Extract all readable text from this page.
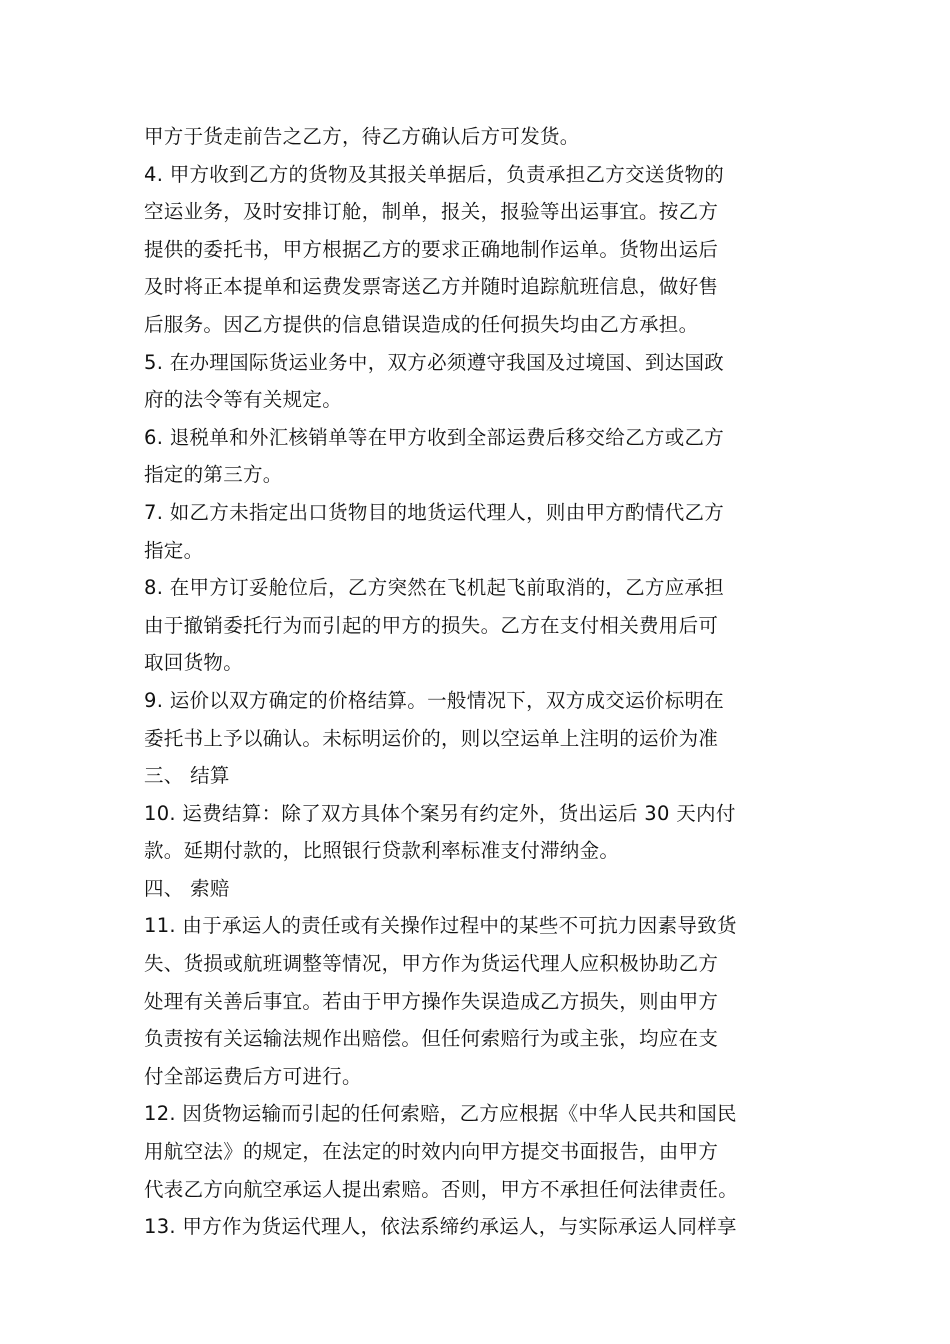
甲方于货走前告之乙方，待乙方确认后方可发货。
4. 甲方收到乙方的货物及其报关单据后，负责承担乙方交送货物的
空运业务，及时安排订舱，制单，报关，报验等出运事宜。按乙方
提供的委托书，甲方根据乙方的要求正确地制作运单。货物出运后
及时将正本提单和运费发票寄送乙方并随时追踪航班信息，做好售
后服务。因乙方提供的信息错误造成的任何损失均由乙方承担。
5. 在办理国际货运业务中，双方必须遵守我国及过境国、到达国政
府的法令等有关规定。
6. 退税单和外汇核销单等在甲方收到全部运费后移交给乙方或乙方
指定的第三方。
7. 如乙方未指定出口货物目的地货运代理人，则由甲方酌情代乙方
指定。
8. 在甲方订妥舱位后，乙方突然在飞机起飞前取消的，乙方应承担
由于撤销委托行为而引起的甲方的损失。乙方在支付相关费用后可
取回货物。
9. 运价以双方确定的价格结算。一般情况下，双方成交运价标明在
委托书上予以确认。未标明运价的，则以空运单上注明的运价为准
三、 结算
10. 运费结算：除了双方具体个案另有约定外，货出运后 30 天内付
款。延期付款的，比照银行贷款利率标准支付滞纳金。
四、 索赔
11. 由于承运人的责任或有关操作过程中的某些不可抗力因素导致货
失、货损或航班调整等情况，甲方作为货运代理人应积极协助乙方
处理有关善后事宜。若由于甲方操作失误造成乙方损失，则由甲方
负责按有关运输法规作出赔偿。但任何索赔行为或主张，均应在支
付全部运费后方可进行。
12. 因货物运输而引起的任何索赔，乙方应根据《中华人民共和国民
用航空法》的规定，在法定的时效内向甲方提交书面报告，由甲方
代表乙方向航空承运人提出索赔。否则，甲方不承担任何法律责任。
13. 甲方作为货运代理人，依法系缔约承运人，与实际承运人同样享
